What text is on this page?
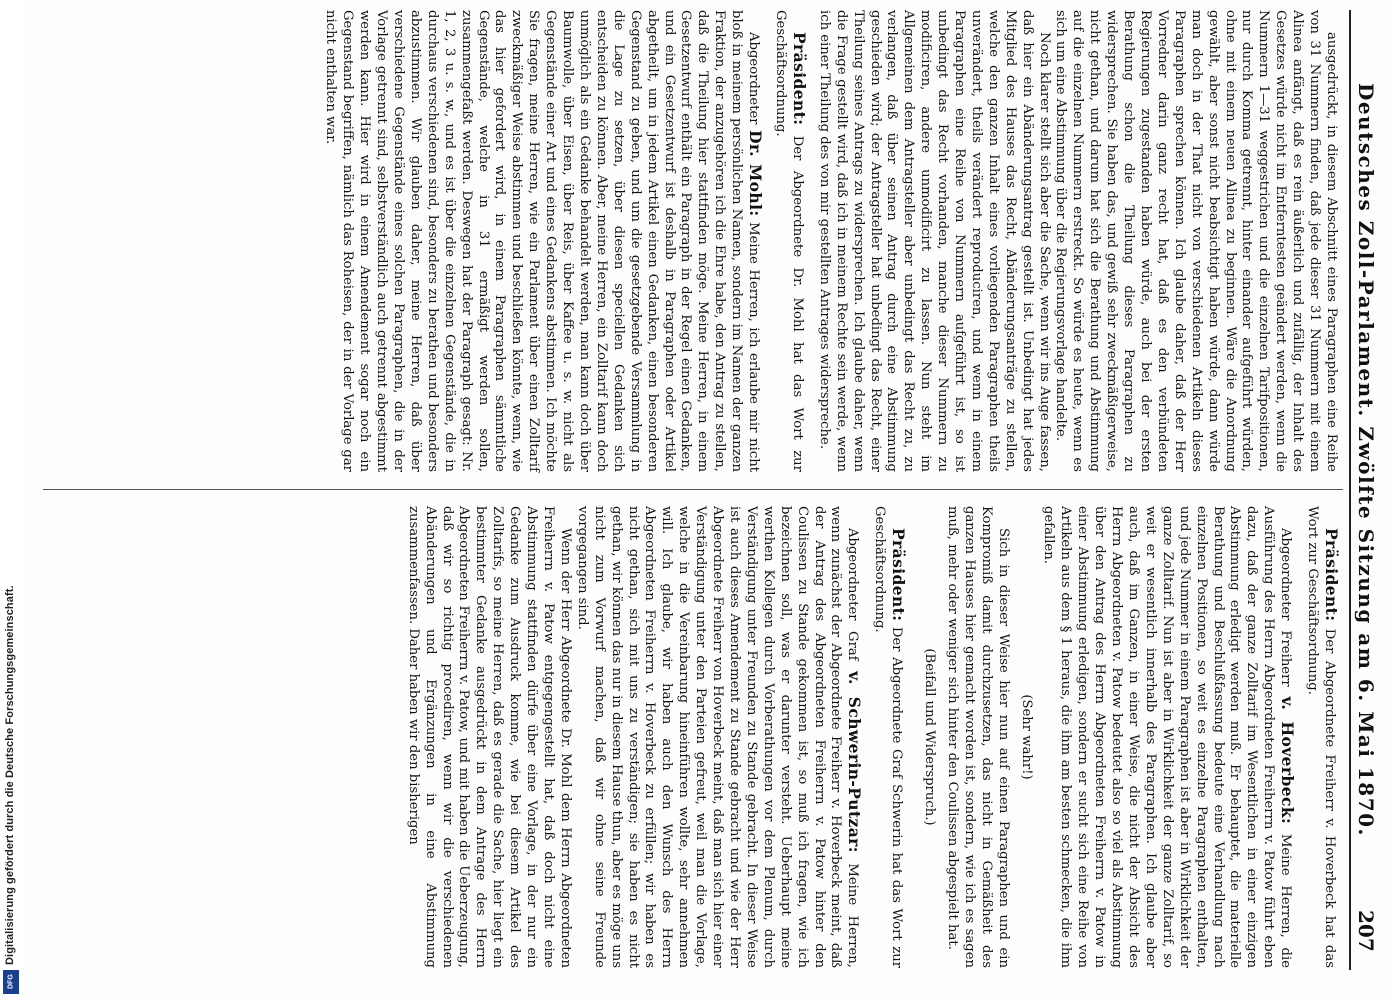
Digitalisierung gefördert durch die Deutsche Forschungsgemeinschaft.
DFG
Deutsches Zoll-Parlament. Zwölfte Sitzung am 6. Mai 1870.
207

ausgedrückt, in diesem Abschnitt eines Paragraphen eine Reihe von 31 Nummern finden, daß jede dieser 31 Nummern mit einem Alinea anfängt, daß es rein äußerlich und zufällig, der Inhalt des Gesetzes würde nicht im Entferntesten geändert werden, wenn die Nummern 1—31 weggestrichen und die einzelnen Tarifpositionen, nur durch Komma getrennt, hinter einander aufgeführt würden, ohne mit einem neuen Alinea zu beginnen. Wäre die Anordnung gewählt, aber sonst nicht beabsichtigt haben würde, dann würde man doch in der That nicht von verschiedenen Artikeln dieses Paragraphen sprechen können. Ich glaube daher, daß der Herr Vorredner darin ganz recht hat, daß es den verbündeten Regierungen zugestanden haben würde, auch bei der ersten Berathung schon die Theilung dieses Paragraphen zu widersprechen. Sie haben das, und gewiß sehr zweckmäßigerweise, nicht gethan, und darum hat sich die Berathung und Abstimmung auf die einzelnen Nummern erstreckt. So würde es heute, wenn es sich um eine Abstimmung über die Regierungsvorlage handelte.

Noch klarer stellt sich aber die Sache, wenn wir ins Auge fassen, daß hier ein Abänderungsantrag gestellt ist. Unbedingt hat jedes Mitglied des Hauses das Recht, Abänderungsanträge zu stellen, welche den ganzen Inhalt eines vorliegenden Paragraphen theils unverändert, theils verändert reproduciren, und wenn in einem Paragraphen eine Reihe von Nummern aufgeführt ist, so ist unbedingt das Recht vorhanden, manche dieser Nummern zu modificiren, andere unmodificirt zu lassen. Nun steht im Allgemeinen dem Antragsteller aber unbedingt das Recht zu, zu verlangen, daß über seinen Antrag durch eine Abstimmung geschieden wird; der Antragsteller hat unbedingt das Recht, einer Theilung seines Antrags zu widersprechen. Ich glaube daher, wenn die Frage gestellt wird, daß ich in meinem Rechte sein werde, wenn ich einer Theilung des von mir gestellten Antrages widerspreche.

Präsident: Der Abgeordnete Dr. Mohl hat das Wort zur Geschäftsordnung.

Abgeordneter Dr. Mohl: Meine Herren, ich erlaube mir nicht bloß in meinem persönlichen Namen, sondern im Namen der ganzen Fraktion, der anzugehören ich die Ehre habe, den Antrag zu stellen, daß die Theilung hier stattfinden möge. Meine Herren, in einem Gesetzentwurf enthält ein Paragraph in der Regel einen Gedanken, und ein Gesetzentwurf ist deshalb in Paragraphen oder Artikel abgetheilt, um in jedem Artikel einen Gedanken, einen besonderen Gegenstand zu geben, und um die gesetzgebende Versammlung in die Lage zu setzen, über diesen speciellen Gedanken sich entscheiden zu können. Aber, meine Herren, ein Zolltarif kann doch unmöglich als ein Gedanke behandelt werden, man kann doch über Baumwolle, über Eisen, über Reis, über Kaffee u. s. w. nicht als Gegenstände einer Art und eines Gedankens abstimmen. Ich möchte Sie fragen, meine Herren, wie ein Parlament über einen Zolltarif zweckmäßiger Weise abstimmen und beschließen könnte, wenn, wie das hier gefordert wird, in einem Paragraphen sämmtliche Gegenstände, welche in 31 ermäßigt werden sollen, zusammengefaßt werden. Deswegen hat der Paragraph gesagt: Nr. 1, 2, 3 u. s. w., und es ist über die einzelnen Gegenstände, die in durchaus verschiedenen sind, besonders zu berathen und besonders abzustimmen. Wir glauben daher, meine Herren, daß über verschiedene Gegenstände eines solchen Paragraphen, die in der Vorlage getrennt sind, selbstverständlich auch getrennt abgestimmt werden kann. Hier wird in einem Amendement sogar noch ein Gegenstand begriffen, nämlich das Roheisen, der in der Vorlage gar nicht enthalten war.

Präsident: Der Abgeordnete Freiherr v. Hoverbeck hat das Wort zur Geschäftsordnung.

Abgeordneter Freiherr v. Hoverbeck: Meine Herren, die Ausführung des Herrn Abgeordneten Freiherrn v. Patow führt eben dazu, daß der ganze Zolltarif im Wesentlichen in einer einzigen Abstimmung erledigt werden muß. Er behauptet, die materielle Berathung und Beschlußfassung bedeute eine Verhandlung nach einzelnen Positionen, so weit es einzelne Paragraphen enthalten, und jede Nummer in einem Paragraphen ist aber in Wirklichkeit der ganze Zolltarif. Nun ist aber in Wirklichkeit der ganze Zolltarif, so weit er wesentlich innerhalb des Paragraphen. Ich glaube aber auch, daß im Ganzen, in einer Weise, die nicht der Absicht des Herrn Abgeordneten v. Patow bedeutet also so viel als Abstimmung über den Antrag des Herrn Abgeordneten Freiherrn v. Patow in einer Abstimmung erledigen, sondern er sucht sich eine Reihe von Artikeln aus dem § 1 heraus, die ihm am besten schmecken, die ihm gefallen.

(Sehr wahr!)

Sich in dieser Weise hier nun auf einen Paragraphen und ein Kompromiß damit durchzusetzen, das nicht in Gemäßheit des ganzen Hauses hier gemacht worden ist, sondern, wie ich es sagen muß, mehr oder weniger sich hinter den Coulissen abgespielt hat.

(Beifall und Widerspruch.)

Präsident: Der Abgeordnete Graf Schwerin hat das Wort zur Geschäftsordnung.

Abgeordneter Graf v. Schwerin-Putzar: Meine Herren, wenn zunächst der Abgeordnete Freiherr v. Hoverbeck meint, daß der Antrag des Abgeordneten Freiherrn v. Patow hinter den Coulissen zu Stande gekommen ist, so muß ich fragen, wie ich bezeichnen soll, was er darunter versteht. Ueberhaupt meine werthen Kollegen durch Vorberathungen vor dem Plenum, durch Verständigung unter Freunden zu Stande gebracht. In dieser Weise ist auch dieses Amendement zu Stande gebracht und wie der Herr Abgeordnete Freiherr von Hoverbeck meint, daß man sich hier einer Verständigung unter den Parteien gefreut, weil man die Vorlage, welche in die Vereinbarung hineinführen wollte, sehr annehmen will. Ich glaube, wir haben auch den Wunsch des Herrn Abgeordneten Freiherrn v. Hoverbeck zu erfüllen; wir haben es nicht gethan, sich mit uns zu verständigen; sie haben es nicht gethan, wir können das nur in diesem Hause thun, aber es möge uns nicht zum Vorwurf machen, daß wir ohne seine Freunde vorgegangen sind.

Wenn der Herr Abgeordnete Dr. Mohl dem Herrn Abgeordneten Freiherrn v. Patow entgegengestellt hat, daß doch nicht eine Abstimmung stattfinden dürfe über eine Vorlage, in der nur ein Gedanke zum Ausdruck komme, wie bei diesem Artikel des Zolltarifs, so meine Herren, daß es gerade die Sache, hier liegt ein bestimmter Gedanke ausgedrückt in dem Antrage des Herrn Abgeordneten Freiherrn v. Patow, und mit haben die Ueberzeugung, daß wir so richtig procediren, wenn wir die verschiedenen Abänderungen und Ergänzungen in eine Abstimmung zusammenfassen. Daher haben wir den bisherigen
